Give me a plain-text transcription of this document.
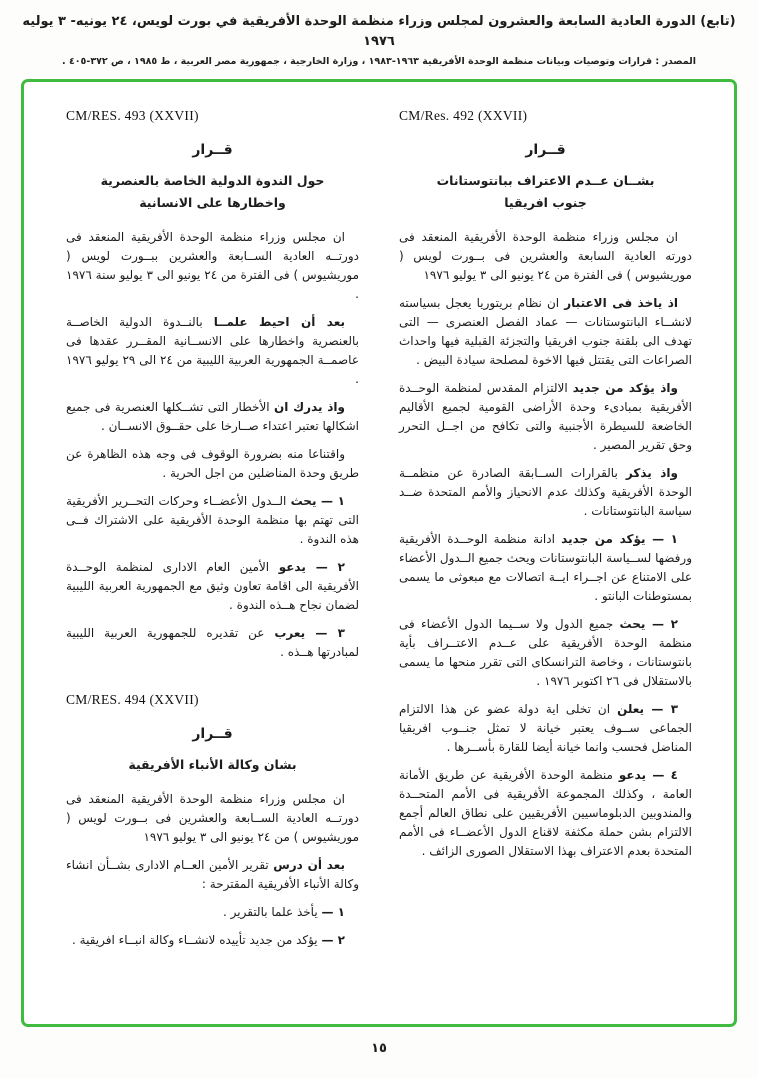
(تابع) الدورة العادية السابعة والعشرون لمجلس وزراء منظمة الوحدة الأفريقية في بورت لويس، ٢٤ يونيه- ٣ يوليه ١٩٧٦
المصدر : قرارات وتوصيات وبيانات منظمة الوحدة الأفريقية ١٩٦٣-١٩٨٣ ، وزارة الخارجية ، جمهورية مصر العربية ، ط ١٩٨٥ ، ص ٣٧٢-٤٠٥ .
CM/Res. 492 (XXVII)
قــرار
بشــان عــدم الاعتراف ببانتوستانات جنوب افريقيا

ان مجلس وزراء منظمة الوحدة الأفريقية المنعقد فى دورته العادية السابعة والعشرين فى بــورت لويس ( موريشيوس ) فى الفترة من ٢٤ يونيو الى ٣ يوليو ١٩٧٦

اذ ياخذ فى الاعتبار ان نظام بريتوريا يعجل بسياسته لانشــاء البانتوستانات — عماد الفصل العنصرى — التى تهدف الى بلقنة جنوب افريقيا والتجزئة القبلية فيها واحداث الصراعات التى يقتتل فيها الاخوة لمصلحة سيادة البيض .

واذ يؤكد من جديد الالتزام المقدس لمنظمة الوحــدة الأفريقية بمبادىء وحدة الأراضى القومية لجميع الأقاليم الخاضعة للسيطرة الأجنبية والتى تكافح من اجــل التحرر وحق تقرير المصير .

واذ يذكر بالقرارات الســابقة الصادرة عن منظمــة الوحدة الأفريقية وكذلك عدم الانحياز والأمم المتحدة ضــد سياسة البانتوستانات .

١ — يؤكد من جديد ادانة منظمة الوحــدة الأفريقية ورفضها لســياسة البانتوستانات ويحث جميع الــدول الأعضاء على الامتناع عن اجــراء ايــة اتصالات مع مبعوثى ما يسمى بمستوطنات البانتو .

٢ — يحث جميع الدول ولا ســيما الدول الأعضاء فى منظمة الوحدة الأفريقية على عــدم الاعتــراف بأية بانتوستانات ، وخاصة الترانسكاى التى تقرر منحها ما يسمى بالاستقلال فى ٢٦ اكتوبر ١٩٧٦ .

٣ — يعلن ان تخلى اية دولة عضو عن هذا الالتزام الجماعى ســوف يعتبر خيانة لا تمثل جنــوب افريقيا المناضل فحسب وانما خيانة أيضا للقارة بأســرها .

٤ — يدعو منظمة الوحدة الأفريقية عن طريق الأمانة العامة ، وكذلك المجموعة الأفريقية فى الأمم المتحــدة والمندوبين الدبلوماسيين الأفريقيين على نطاق العالم أجمع الالتزام بشن حملة مكثفة لاقناع الدول الأعضــاء فى الأمم المتحدة بعدم الاعتراف بهذا الاستقلال الصورى الزائف .

CM/RES. 493 (XXVII)
قــرار
حول الندوة الدولية الخاصة بالعنصرية واخطارها على الانسانية

ان مجلس وزراء منظمة الوحدة الأفريقية المنعقد فى دورتــه العادية الســابعة والعشرين ببــورت لويس ( موريشيوس ) فى الفترة من ٢٤ يونيو الى ٣ يوليو سنة ١٩٧٦ .

بعد أن احيط علمــا بالنــدوة الدولية الخاصــة بالعنصرية واخطارها على الانســانية المقــرر عقدها فى عاصمــة الجمهورية العربية الليبية من ٢٤ الى ٢٩ يوليو ١٩٧٦ .

واذ يدرك ان الأخطار التى تشــكلها العنصرية فى جميع اشكالها تعتبر اعتداء صــارخا على حقــوق الانســان .

واقتناعا منه بضرورة الوقوف فى وجه هذه الظاهرة عن طريق وحدة المناضلين من اجل الحرية .

١ — يحث الــدول الأعضــاء وحركات التحــرير الأفريقية التى تهتم بها منظمة الوحدة الأفريقية على الاشتراك فــى هذه الندوة .

٢ — يدعو الأمين العام الادارى لمنظمة الوحــدة الأفريقية الى اقامة تعاون وثيق مع الجمهورية العربية الليبية لضمان نجاح هــذه الندوة .

٣ — يعرب عن تقديره للجمهورية العربية الليبية لمبادرتها هــذه .

CM/RES. 494 (XXVII)
قــرار
بشان وكالة الأنباء الأفريقية

ان مجلس وزراء منظمة الوحدة الأفريقية المنعقد فى دورتــه العادية الســابعة والعشرين فى بــورت لويس ( موريشيوس ) من ٢٤ يونيو الى ٣ يوليو ١٩٧٦

بعد أن درس تقرير الأمين العــام الادارى بشــأن انشاء وكالة الأنباء الأفريقية المقترحة :

١ — يأخذ علما بالتقرير .

٢ — يؤكد من جديد تأييده لانشــاء وكالة انبــاء افريقية .

١٥
